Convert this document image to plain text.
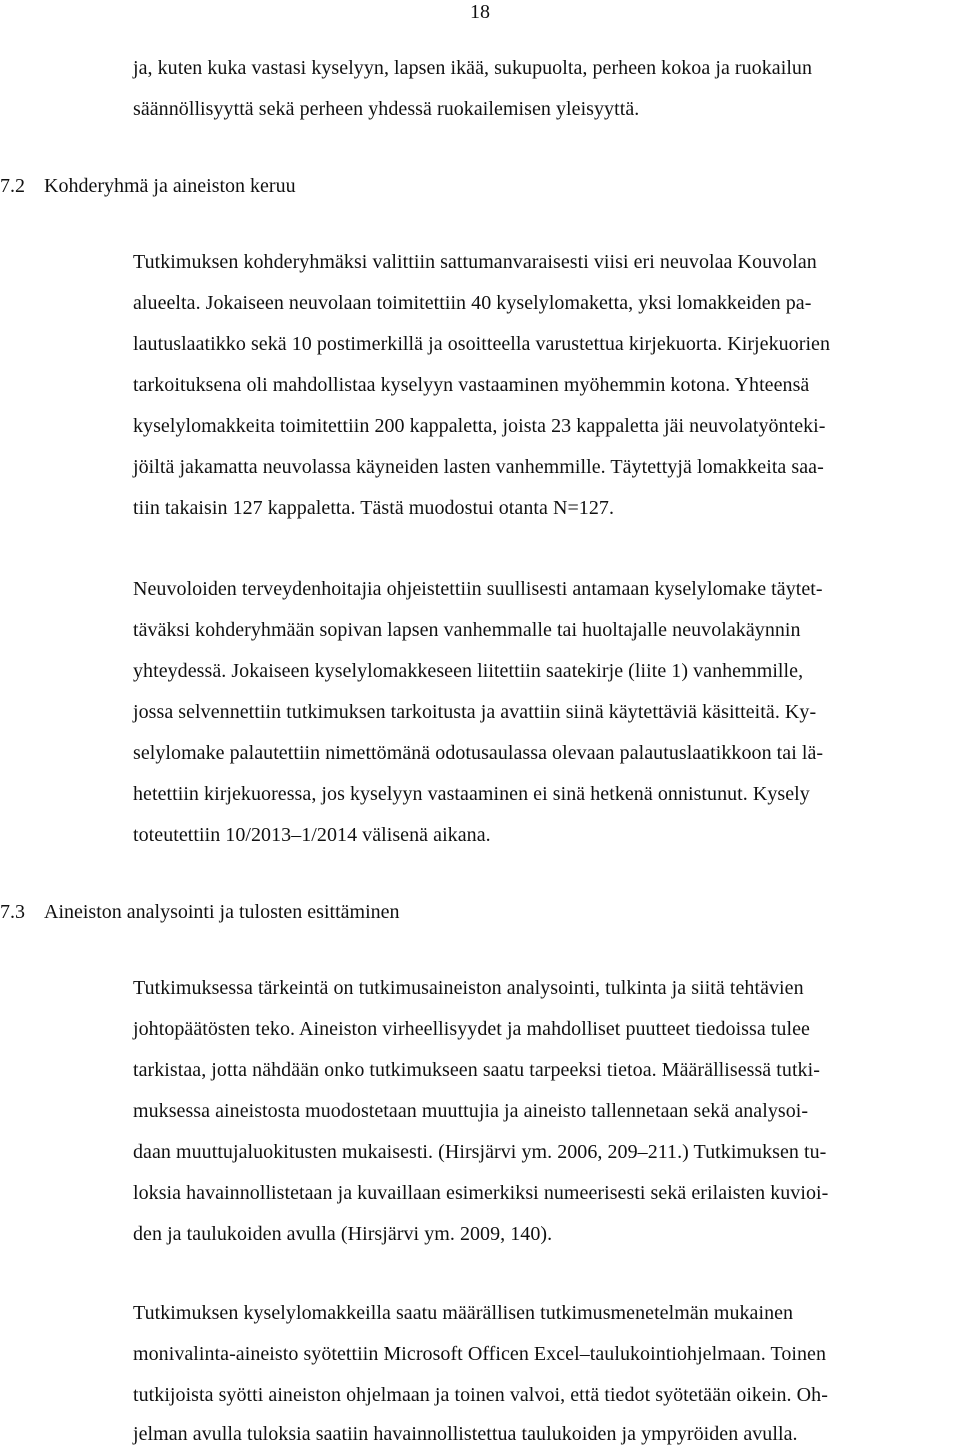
18
ja, kuten kuka vastasi kyselyyn, lapsen ikää, sukupuolta, perheen kokoa ja ruokailun
säännöllisyyttä sekä perheen yhdessä ruokailemisen yleisyyttä.
7.2 Kohderyhmä ja aineiston keruu
Tutkimuksen kohderyhmäksi valittiin sattumanvaraisesti viisi eri neuvolaa Kouvolan
alueelta. Jokaiseen neuvolaan toimitettiin 40 kyselylomaketta, yksi lomakkeiden pa-
lautuslaatikko sekä 10 postimerkillä ja osoitteella varustettua kirjekuorta. Kirjekuorien
tarkoituksena oli mahdollistaa kyselyyn vastaaminen myöhemmin kotona. Yhteensä
kyselylomakkeita toimitettiin 200 kappaletta, joista 23 kappaletta jäi neuvolatyönteki-
jöiltä jakamatta neuvolassa käyneiden lasten vanhemmille. Täytettyjä lomakkeita saa-
tiin takaisin 127 kappaletta. Tästä muodostui otanta N=127.
Neuvoloiden terveydenhoitajia ohjeistettiin suullisesti antamaan kyselylomake täytet-
täväksi kohderyhmään sopivan lapsen vanhemmalle tai huoltajalle neuvolakäynnin
yhteydessä. Jokaiseen kyselylomakkeseen liitettiin saatekirje (liite 1) vanhemmille,
jossa selvennettiin tutkimuksen tarkoitusta ja avattiin siinä käytettäviä käsitteitä. Ky-
selylomake palautettiin nimettömänä odotusaulassa olevaan palautuslaatikkoon tai lä-
hetettiin kirjekuoressa, jos kyselyyn vastaaminen ei sinä hetkenä onnistunut. Kysely
toteutettiin 10/2013–1/2014 välisenä aikana.
7.3 Aineiston analysointi ja tulosten esittäminen
Tutkimuksessa tärkeintä on tutkimusaineiston analysointi, tulkinta ja siitä tehtävien
johtopäätösten teko. Aineiston virheellisyydet ja mahdolliset puutteet tiedoissa tulee
tarkistaa, jotta nähdään onko tutkimukseen saatu tarpeeksi tietoa. Määrällisessä tutki-
muksessa aineistosta muodostetaan muuttujia ja aineisto tallennetaan sekä analysoi-
daan muuttujaluokitusten mukaisesti. (Hirsjärvi ym. 2006, 209–211.) Tutkimuksen tu-
loksia havainnollistetaan ja kuvaillaan esimerkiksi numeerisesti sekä erilaisten kuvioi-
den ja taulukoiden avulla (Hirsjärvi ym. 2009, 140).
Tutkimuksen kyselylomakkeilla saatu määrällisen tutkimusmenetelmän mukainen
monivalinta-aineisto syötettiin Microsoft Officen Excel–taulukointiohjelmaan. Toinen
tutkijoista syötti aineiston ohjelmaan ja toinen valvoi, että tiedot syötetään oikein. Oh-
jelman avulla tuloksia saatiin havainnollistettua taulukoiden ja ympyröiden avulla.
